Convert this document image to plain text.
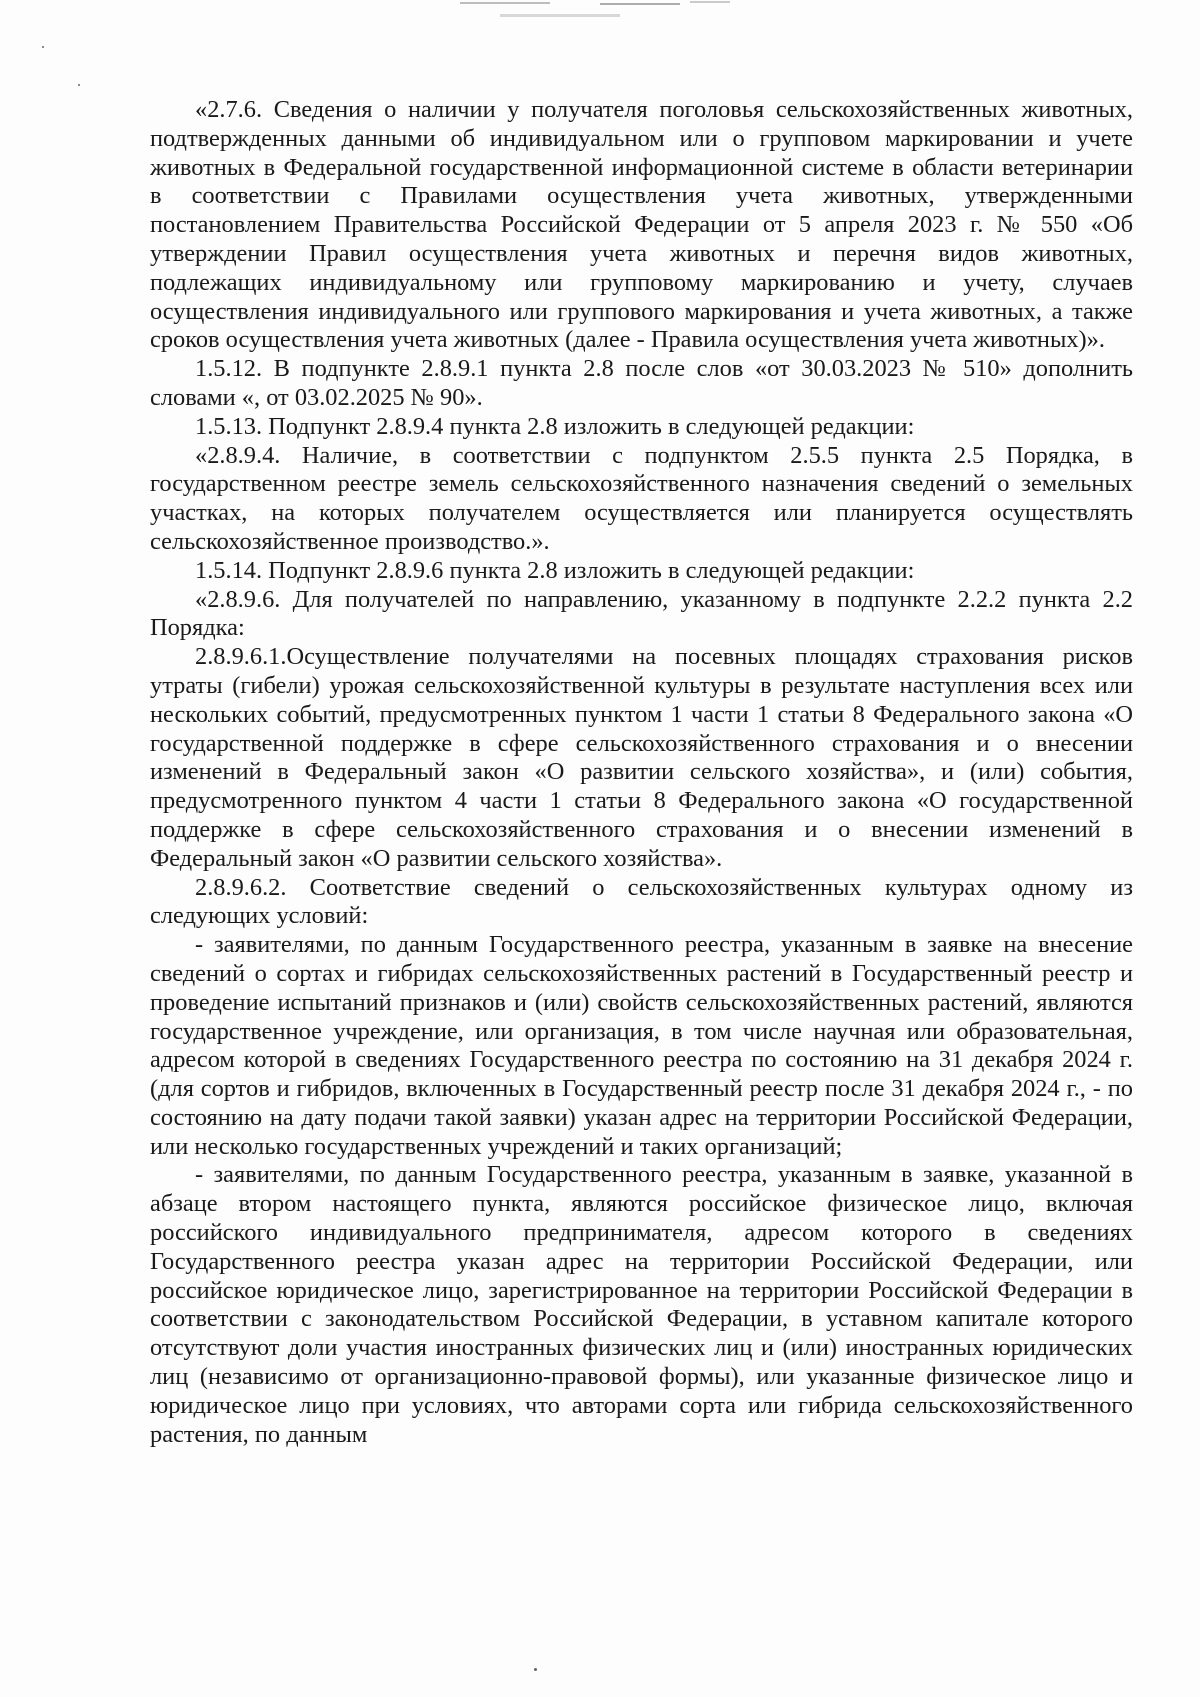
«2.7.6. Сведения о наличии у получателя поголовья сельскохозяйственных животных, подтвержденных данными об индивидуальном или о групповом маркировании и учете животных в Федеральной государственной информационной системе в области ветеринарии в соответствии с Правилами осуществления учета животных, утвержденными постановлением Правительства Российской Федерации от 5 апреля 2023 г. № 550 «Об утверждении Правил осуществления учета животных и перечня видов животных, подлежащих индивидуальному или групповому маркированию и учету, случаев осуществления индивидуального или группового маркирования и учета животных, а также сроков осуществления учета животных (далее - Правила осуществления учета животных)».

1.5.12. В подпункте 2.8.9.1 пункта 2.8 после слов «от 30.03.2023 № 510» дополнить словами «, от 03.02.2025 № 90».

1.5.13. Подпункт 2.8.9.4 пункта 2.8 изложить в следующей редакции:

«2.8.9.4. Наличие, в соответствии с подпунктом 2.5.5 пункта 2.5 Порядка, в государственном реестре земель сельскохозяйственного назначения сведений о земельных участках, на которых получателем осуществляется или планируется осуществлять сельскохозяйственное производство.».

1.5.14. Подпункт 2.8.9.6 пункта 2.8 изложить в следующей редакции:

«2.8.9.6. Для получателей по направлению, указанному в подпункте 2.2.2 пункта 2.2 Порядка:

2.8.9.6.1.Осуществление получателями на посевных площадях страхования рисков утраты (гибели) урожая сельскохозяйственной культуры в результате наступления всех или нескольких событий, предусмотренных пунктом 1 части 1 статьи 8 Федерального закона «О государственной поддержке в сфере сельскохозяйственного страхования и о внесении изменений в Федеральный закон «О развитии сельского хозяйства», и (или) события, предусмотренного пунктом 4 части 1 статьи 8 Федерального закона «О государственной поддержке в сфере сельскохозяйственного страхования и о внесении изменений в Федеральный закон «О развитии сельского хозяйства».

2.8.9.6.2. Соответствие сведений о сельскохозяйственных культурах одному из следующих условий:

- заявителями, по данным Государственного реестра, указанным в заявке на внесение сведений о сортах и гибридах сельскохозяйственных растений в Государственный реестр и проведение испытаний признаков и (или) свойств сельскохозяйственных растений, являются государственное учреждение, или организация, в том числе научная или образовательная, адресом которой в сведениях Государственного реестра по состоянию на 31 декабря 2024 г. (для сортов и гибридов, включенных в Государственный реестр после 31 декабря 2024 г., - по состоянию на дату подачи такой заявки) указан адрес на территории Российской Федерации, или несколько государственных учреждений и таких организаций;

- заявителями, по данным Государственного реестра, указанным в заявке, указанной в абзаце втором настоящего пункта, являются российское физическое лицо, включая российского индивидуального предпринимателя, адресом которого в сведениях Государственного реестра указан адрес на территории Российской Федерации, или российское юридическое лицо, зарегистрированное на территории Российской Федерации в соответствии с законодательством Российской Федерации, в уставном капитале которого отсутствуют доли участия иностранных физических лиц и (или) иностранных юридических лиц (независимо от организационно-правовой формы), или указанные физическое лицо и юридическое лицо при условиях, что авторами сорта или гибрида сельскохозяйственного растения, по данным
